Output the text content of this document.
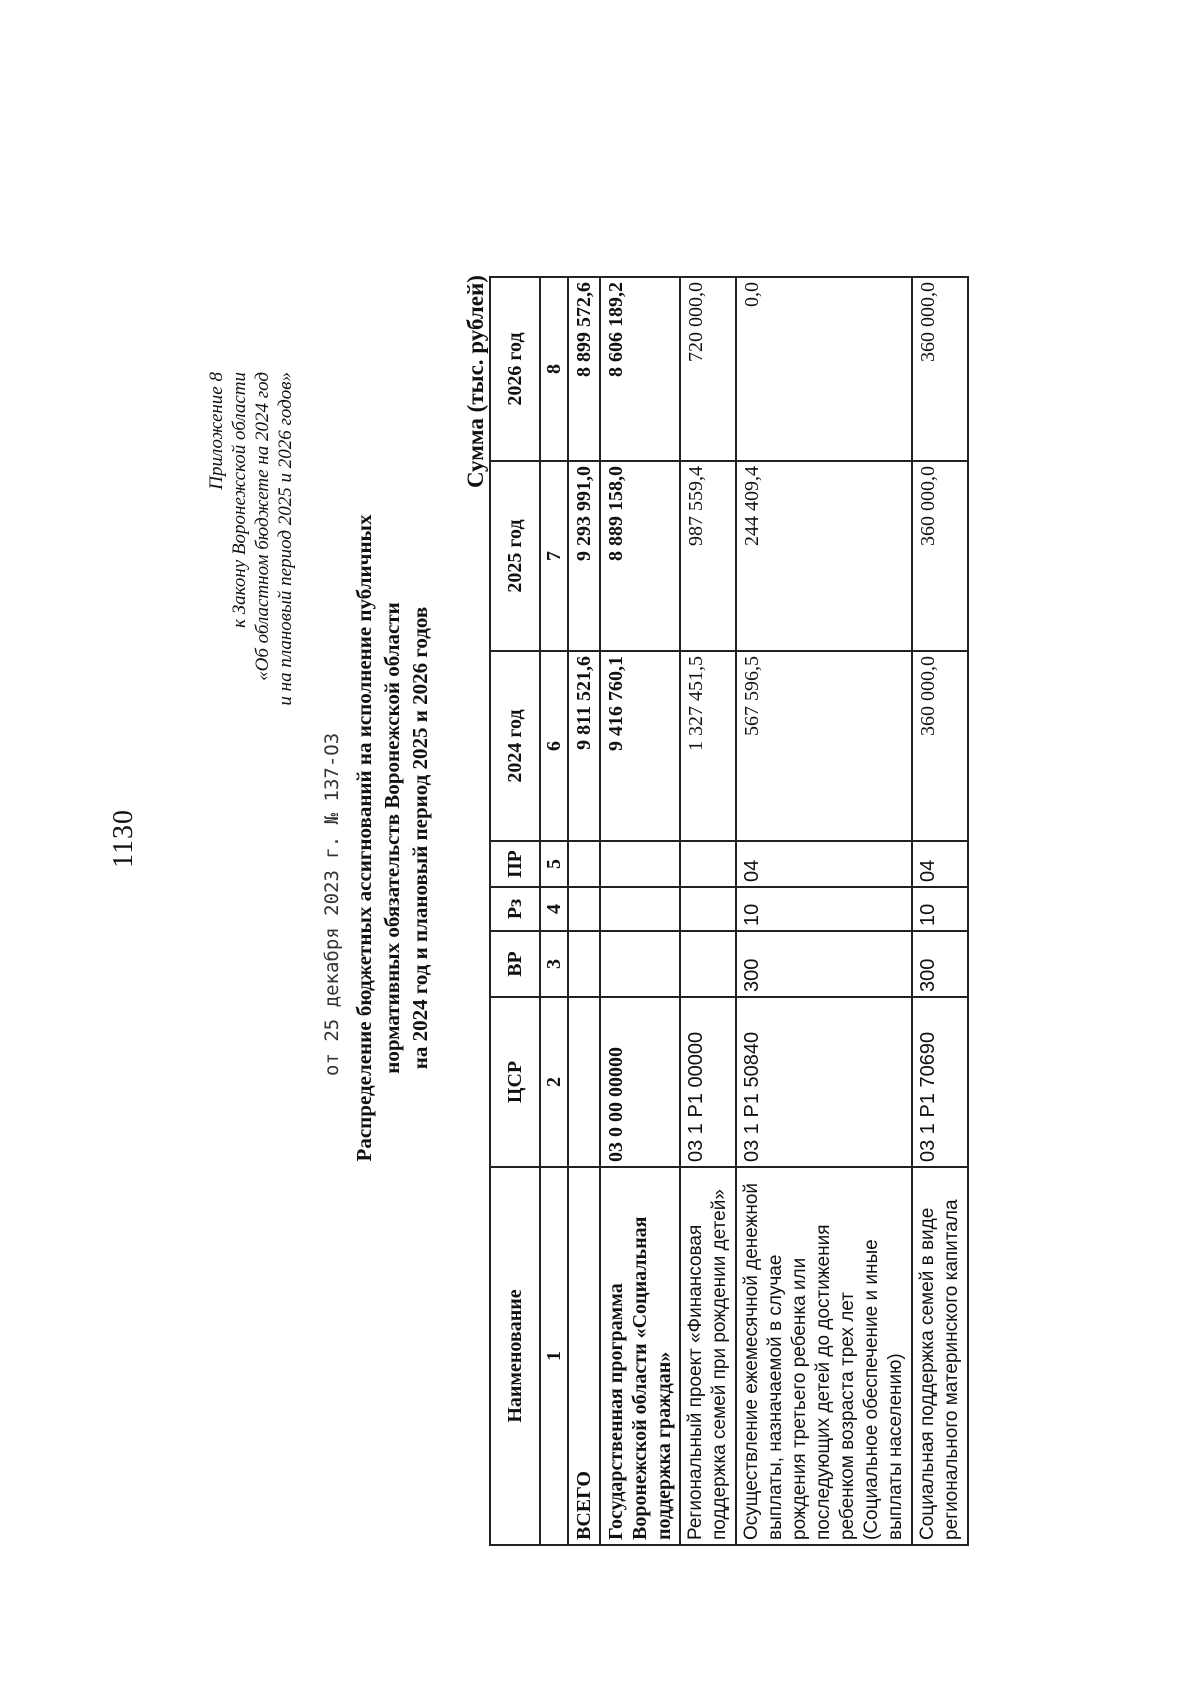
1130
Приложение 8 к Закону Воронежской области «Об областном бюджете на 2024 год и на плановый период 2025 и 2026 годов»
от 25 декабря 2023 г. № 137-ОЗ Распределение бюджетных ассигнований на исполнение публичных нормативных обязательств Воронежской области на 2024 год и плановый период 2025 и 2026 годов
Сумма (тыс. рублей)
Наименование	ЦСР	ВР	Рз	ПР	2024 год	2025 год	2026 год
1	2	3	4	5	6	7	8
ВСЕГО					9 811 521,6	9 293 991,0	8 899 572,6
Государственная программа Воронежской области «Социальная поддержка граждан»	03 0 00 00000				9 416 760,1	8 889 158,0	8 606 189,2
Региональный проект «Финансовая поддержка семей при рождении детей»	03 1 P1 00000				1 327 451,5	987 559,4	720 000,0
Осуществление ежемесячной денежной выплаты, назначаемой в случае рождения третьего ребенка или последующих детей до достижения ребенком возраста трех лет (Социальное обеспечение и иные выплаты населению)	03 1 P1 50840	300	10	04	567 596,5	244 409,4	0,0
Социальная поддержка семей в виде регионального материнского капитала	03 1 P1 70690	300	10	04	360 000,0	360 000,0	360 000,0
